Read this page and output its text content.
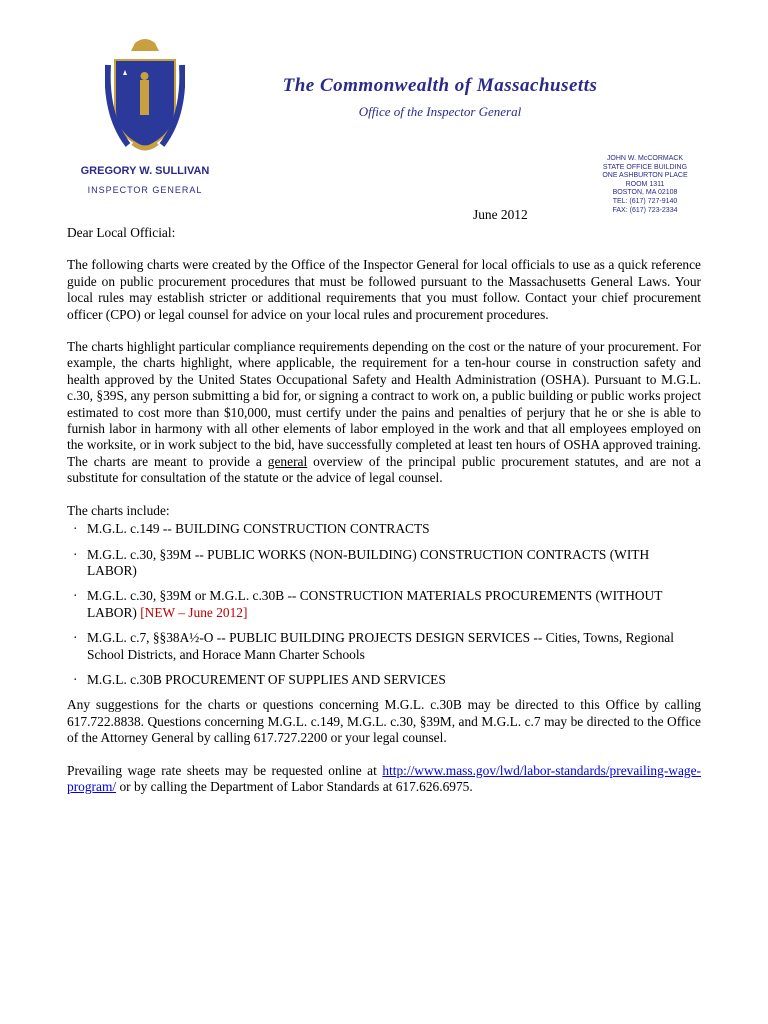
GREGORY W. SULLIVAN
INSPECTOR GENERAL
The Commonwealth of Massachusetts
Office of the Inspector General
JOHN W. McCORMACK
STATE OFFICE BUILDING
ONE ASHBURTON PLACE
ROOM 1311
BOSTON, MA 02108
TEL: (617) 727-9140
FAX: (617) 723-2334
June 2012

Dear Local Official:

The following charts were created by the Office of the Inspector General for local officials to use as a quick reference guide on public procurement procedures that must be followed pursuant to the Massachusetts General Laws. Your local rules may establish stricter or additional requirements that you must follow. Contact your chief procurement officer (CPO) or legal counsel for advice on your local rules and procurement procedures.

The charts highlight particular compliance requirements depending on the cost or the nature of your procurement. For example, the charts highlight, where applicable, the requirement for a ten-hour course in construction safety and health approved by the United States Occupational Safety and Health Administration (OSHA). Pursuant to M.G.L. c.30, §39S, any person submitting a bid for, or signing a contract to work on, a public building or public works project estimated to cost more than $10,000, must certify under the pains and penalties of perjury that he or she is able to furnish labor in harmony with all other elements of labor employed in the work and that all employees employed on the worksite, or in work subject to the bid, have successfully completed at least ten hours of OSHA approved training. The charts are meant to provide a general overview of the principal public procurement statutes, and are not a substitute for consultation of the statute or the advice of legal counsel.

The charts include:
· M.G.L. c.149 -- BUILDING CONSTRUCTION CONTRACTS
· M.G.L. c.30, §39M -- PUBLIC WORKS (NON-BUILDING) CONSTRUCTION CONTRACTS (WITH LABOR)
· M.G.L. c.30, §39M or M.G.L. c.30B -- CONSTRUCTION MATERIALS PROCUREMENTS (WITHOUT LABOR) [NEW – June 2012]
· M.G.L. c.7, §§38A½-O -- PUBLIC BUILDING PROJECTS DESIGN SERVICES -- Cities, Towns, Regional School Districts, and Horace Mann Charter Schools
· M.G.L. c.30B PROCUREMENT OF SUPPLIES AND SERVICES

Any suggestions for the charts or questions concerning M.G.L. c.30B may be directed to this Office by calling 617.722.8838. Questions concerning M.G.L. c.149, M.G.L. c.30, §39M, and M.G.L. c.7 may be directed to the Office of the Attorney General by calling 617.727.2200 or your legal counsel.

Prevailing wage rate sheets may be requested online at http://www.mass.gov/lwd/labor-standards/prevailing-wage-program/ or by calling the Department of Labor Standards at 617.626.6975.
